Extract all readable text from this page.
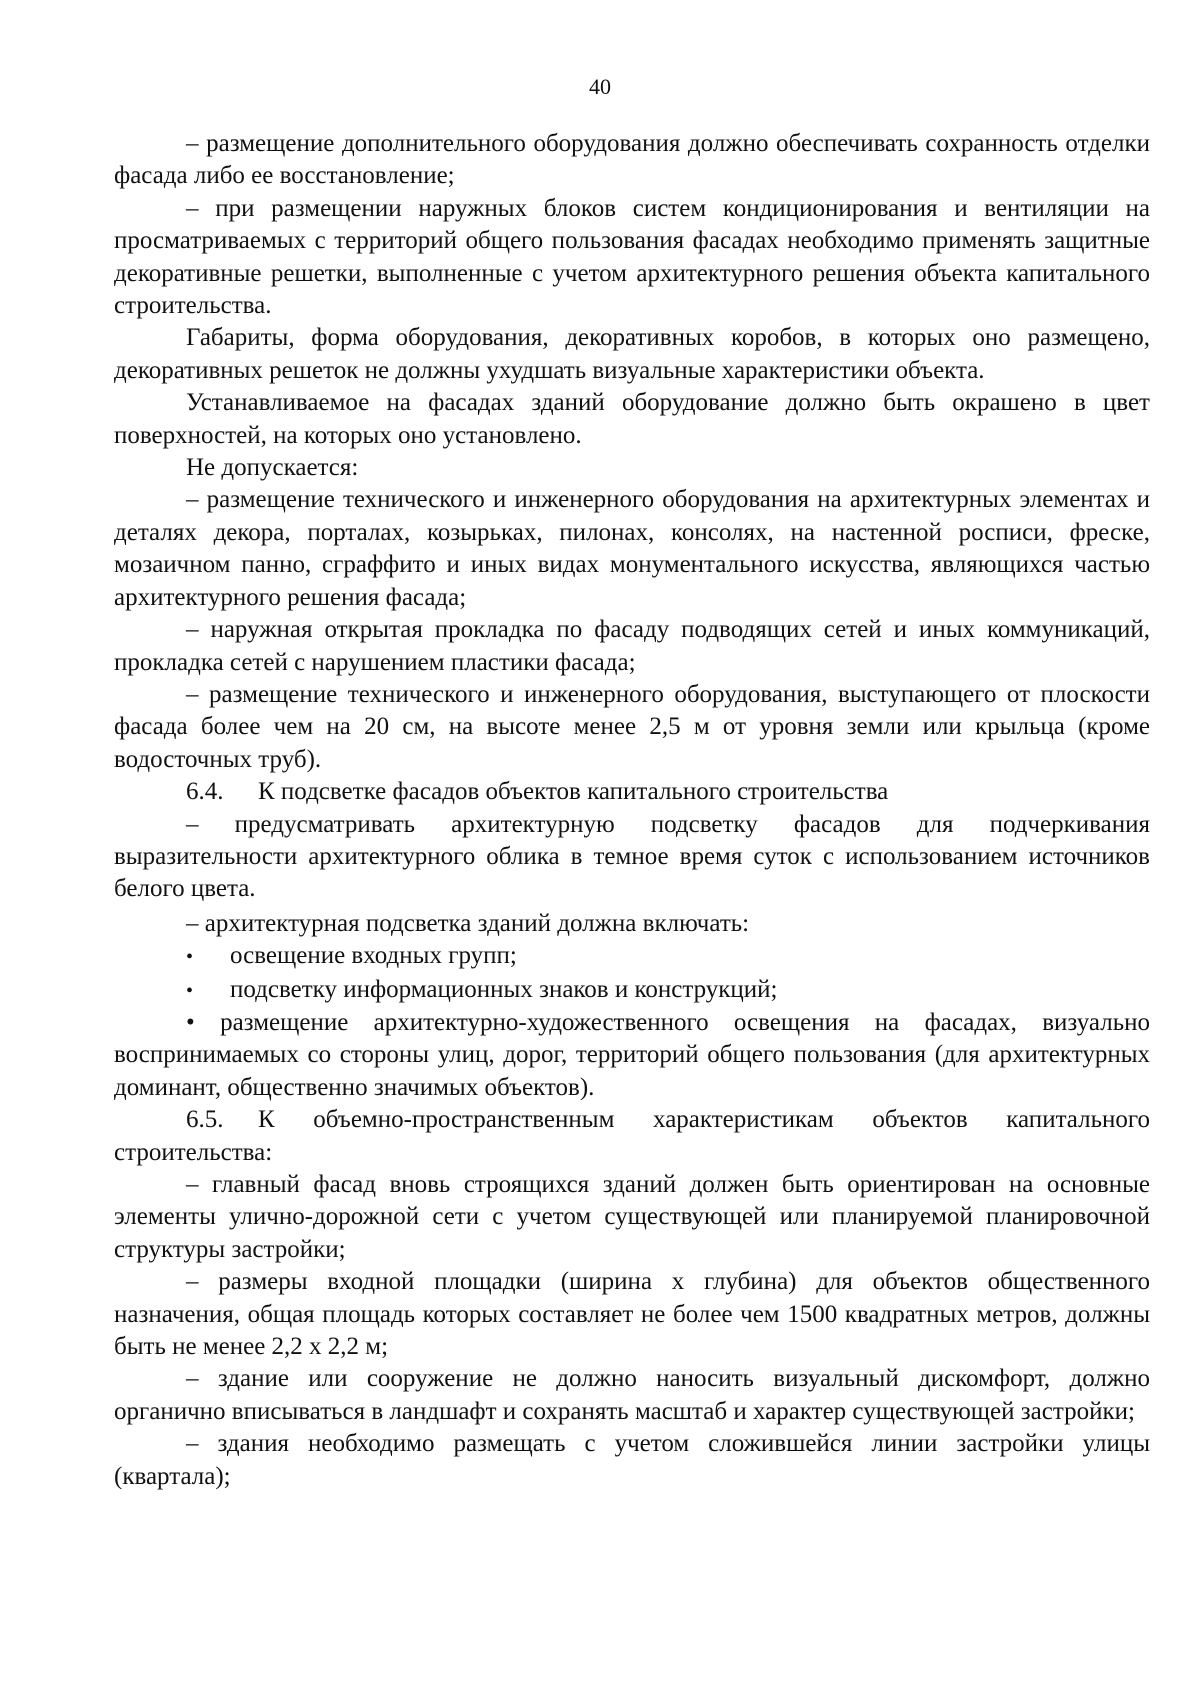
40

– размещение дополнительного оборудования должно обеспечивать сохранность отделки фасада либо ее восстановление;

– при размещении наружных блоков систем кондиционирования и вентиляции на просматриваемых с территорий общего пользования фасадах необходимо применять защитные декоративные решетки, выполненные с учетом архитектурного решения объекта капитального строительства.

Габариты, форма оборудования, декоративных коробов, в которых оно размещено, декоративных решеток не должны ухудшать визуальные характеристики объекта.

Устанавливаемое на фасадах зданий оборудование должно быть окрашено в цвет поверхностей, на которых оно установлено.

Не допускается:

– размещение технического и инженерного оборудования на архитектурных элементах и деталях декора, порталах, козырьках, пилонах, консолях, на настенной росписи, фреске, мозаичном панно, сграффито и иных видах монументального искусства, являющихся частью архитектурного решения фасада;

– наружная открытая прокладка по фасаду подводящих сетей и иных коммуникаций, прокладка сетей с нарушением пластики фасада;

– размещение технического и инженерного оборудования, выступающего от плоскости фасада более чем на 20 см, на высоте менее 2,5 м от уровня земли или крыльца (кроме водосточных труб).

6.4. К подсветке фасадов объектов капитального строительства

– предусматривать архитектурную подсветку фасадов для подчеркивания выразительности архитектурного облика в темное время суток с использованием источников белого цвета.

– архитектурная подсветка зданий должна включать:

•	освещение входных групп;
•	подсветку информационных знаков и конструкций;

• размещение архитектурно-художественного освещения на фасадах, визуально воспринимаемых со стороны улиц, дорог, территорий общего пользования (для архитектурных доминант, общественно значимых объектов).

6.5. К объемно-пространственным характеристикам объектов капитального строительства:

– главный фасад вновь строящихся зданий должен быть ориентирован на основные элементы улично-дорожной сети с учетом существующей или планируемой планировочной структуры застройки;

– размеры входной площадки (ширина х глубина) для объектов общественного назначения, общая площадь которых составляет не более чем 1500 квадратных метров, должны быть не менее 2,2 х 2,2 м;

– здание или сооружение не должно наносить визуальный дискомфорт, должно органично вписываться в ландшафт и сохранять масштаб и характер существующей застройки;

– здания необходимо размещать с учетом сложившейся линии застройки улицы (квартала);
